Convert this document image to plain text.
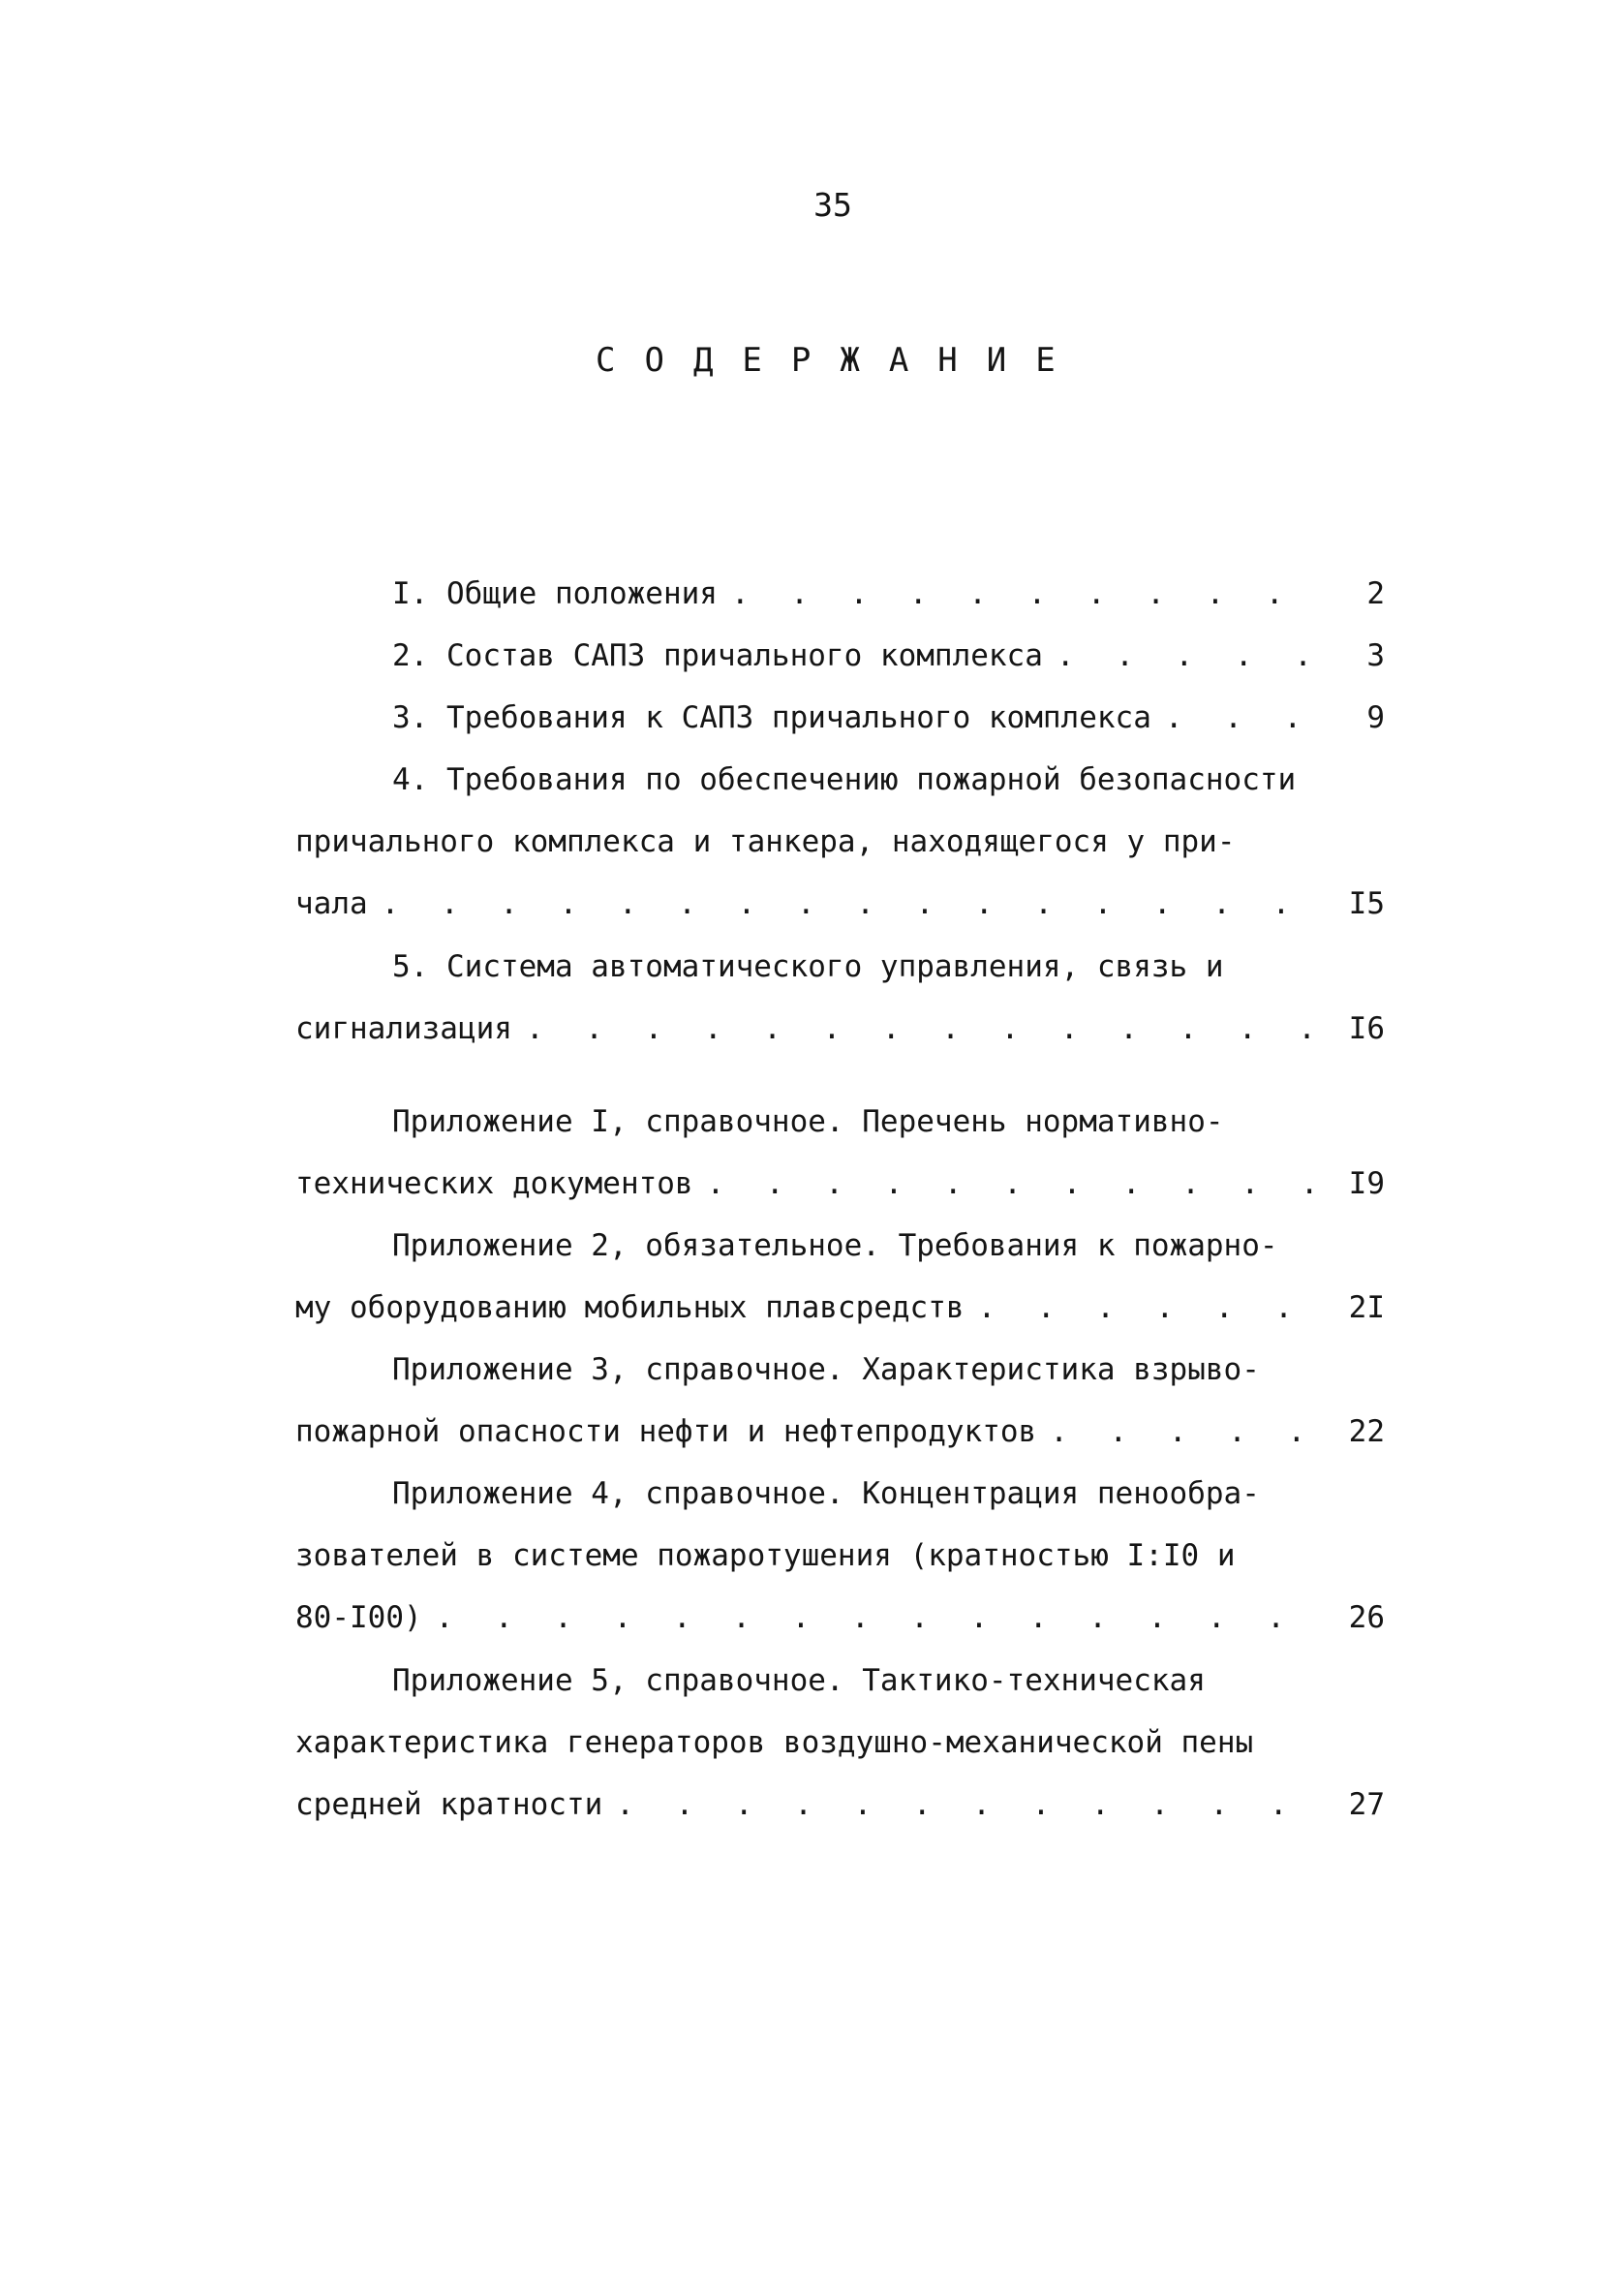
35
СОДЕРЖАНИЕ
I. Общие положения . . .	2
2. Состав САПЗ причального комплекса . . .	3
3. Требования к САПЗ причального комплекса . . .	9
4. Требования по обеспечению пожарной безопасности
причального комплекса и танкера, находящегося у при-
чала . . .	I5
5. Система автоматического управления, связь и
сигнализация . . .	I6
Приложение I, справочное. Перечень нормативно-
технических документов . . .	I9
Приложение 2, обязательное. Требования к пожарно-
му оборудованию мобильных плавсредств . . .	2I
Приложение 3, справочное. Характеристика взрыво-
пожарной опасности нефти и нефтепродуктов . . .	22
Приложение 4, справочное. Концентрация пенообра-
зователей в системе пожаротушения (кратностью I:I0 и
80-I00) . . .	26
Приложение 5, справочное. Тактико-техническая
характеристика генераторов воздушно-механической пены
средней кратности . . .	27
